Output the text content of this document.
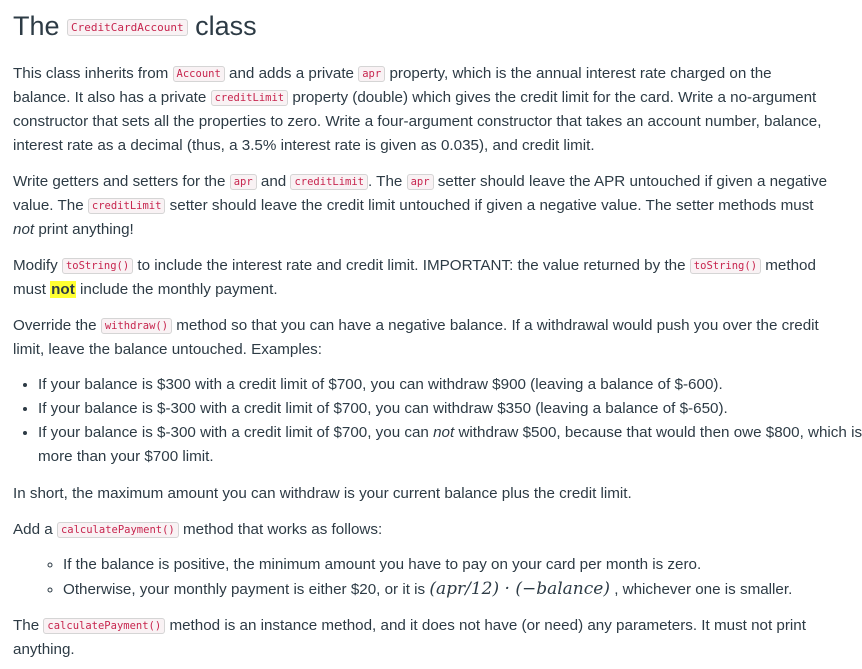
The CreditCardAccount class

This class inherits from Account and adds a private apr property, which is the annual interest rate charged on the balance. It also has a private creditLimit property (double) which gives the credit limit for the card. Write a no-argument constructor that sets all the properties to zero. Write a four-argument constructor that takes an account number, balance, interest rate as a decimal (thus, a 3.5% interest rate is given as 0.035), and credit limit.

Write getters and setters for the apr and creditLimit . The apr setter should leave the APR untouched if given a negative value. The creditLimit setter should leave the credit limit untouched if given a negative value. The setter methods must not print anything!

Modify toString() to include the interest rate and credit limit. IMPORTANT: the value returned by the toString() method must not include the monthly payment.

Override the withdraw() method so that you can have a negative balance. If a withdrawal would push you over the credit limit, leave the balance untouched. Examples:

• If your balance is $300 with a credit limit of $700, you can withdraw $900 (leaving a balance of $-600).
• If your balance is $-300 with a credit limit of $700, you can withdraw $350 (leaving a balance of $-650).
• If your balance is $-300 with a credit limit of $700, you can not withdraw $500, because that would then owe $800, which is more than your $700 limit.

In short, the maximum amount you can withdraw is your current balance plus the credit limit.

Add a calculatePayment() method that works as follows:

◦ If the balance is positive, the minimum amount you have to pay on your card per month is zero.
◦ Otherwise, your monthly payment is either $20, or it is (apr/12) · (−balance) , whichever one is smaller.

The calculatePayment() method is an instance method, and it does not have (or need) any parameters. It must not print anything.
